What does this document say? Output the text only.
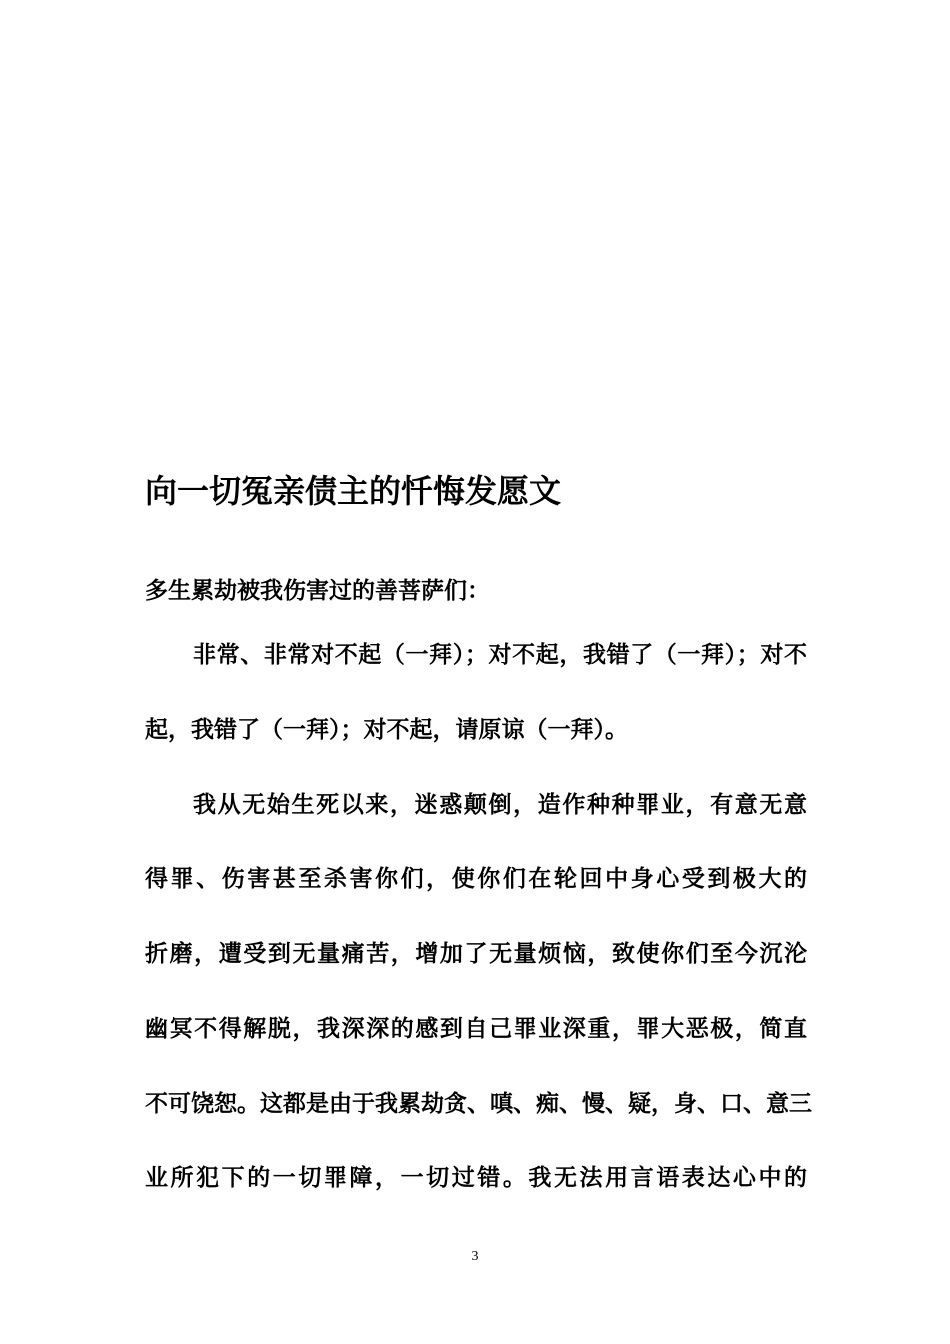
向一切冤亲债主的忏悔发愿文
多生累劫被我伤害过的善菩萨们：
非常、非常对不起（一拜）；对不起，我错了（一拜）；对不
起，我错了（一拜）；对不起，请原谅（一拜）。
我从无始生死以来，迷惑颠倒，造作种种罪业，有意无意
得罪、伤害甚至杀害你们，使你们在轮回中身心受到极大的
折磨，遭受到无量痛苦，增加了无量烦恼，致使你们至今沉沦
幽冥不得解脱，我深深的感到自己罪业深重，罪大恶极，简直
不可饶恕。这都是由于我累劫贪、嗔、痴、慢、疑，身、口、意三
业所犯下的一切罪障，一切过错。我无法用言语表达心中的
3
